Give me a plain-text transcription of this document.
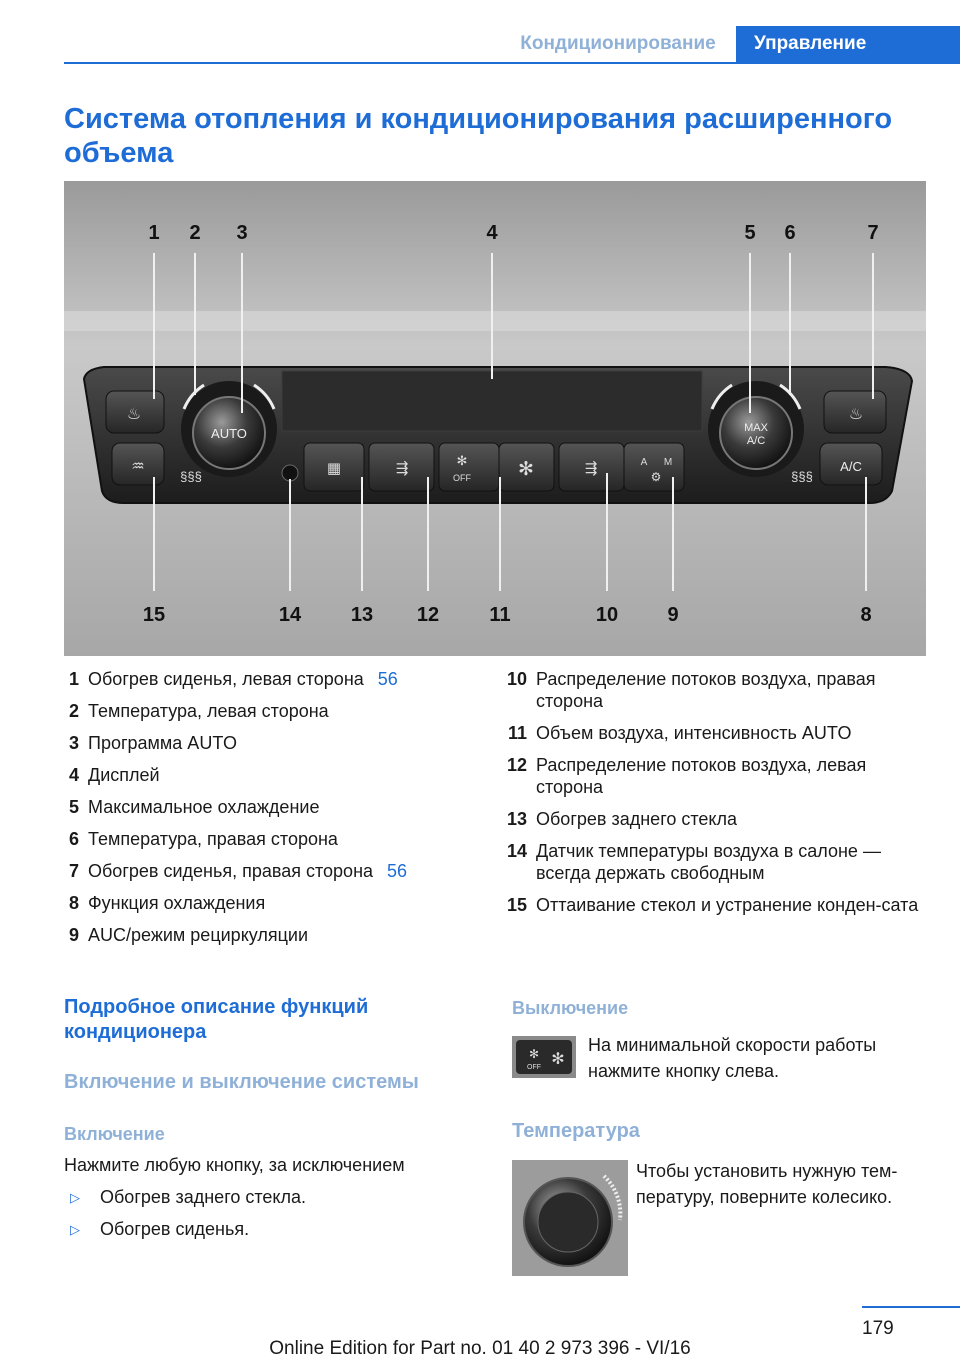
Кондиционирование	Управление
Система отопления и кондиционирования расширенного объема
♨
♒
AUTO
§§§	▦	⇶	✻
OFF ✻	⇶	A M
⚙
MAX
A/C
§§§
♨
A/C
1 2 3	4	5 6	7
15	14 13 12	11	10 9	8
1 Обогрев сиденья, левая сторона 56
2 Температура, левая сторона
3 Программа AUTO
4 Дисплей
5 Максимальное охлаждение
6 Температура, правая сторона
7 Обогрев сиденья, правая сторона 56
8 Функция охлаждения
9 AUC/режим рециркуляции
10 Распределение потоков воздуха, правая сторона
11 Объем воздуха, интенсивность AUTO
12 Распределение потоков воздуха, левая сторона
13 Обогрев заднего стекла
14 Датчик температуры воздуха в салоне — всегда держать свободным
15 Оттаивание стекол и устранение конден‐сата
Подробное описание функций кондиционера
Включение и выключение системы
Включение

Нажмите любую кнопку, за исключением

▷	Обогрев заднего стекла.
▷	Обогрев сиденья.
Выключение
✻
OFF ✻

На минимальной скорости работы нажмите кнопку слева.

Температура

Чтобы установить нужную тем‐пературу, поверните колесико.

179
Online Edition for Part no. 01 40 2 973 396 - VI/16
